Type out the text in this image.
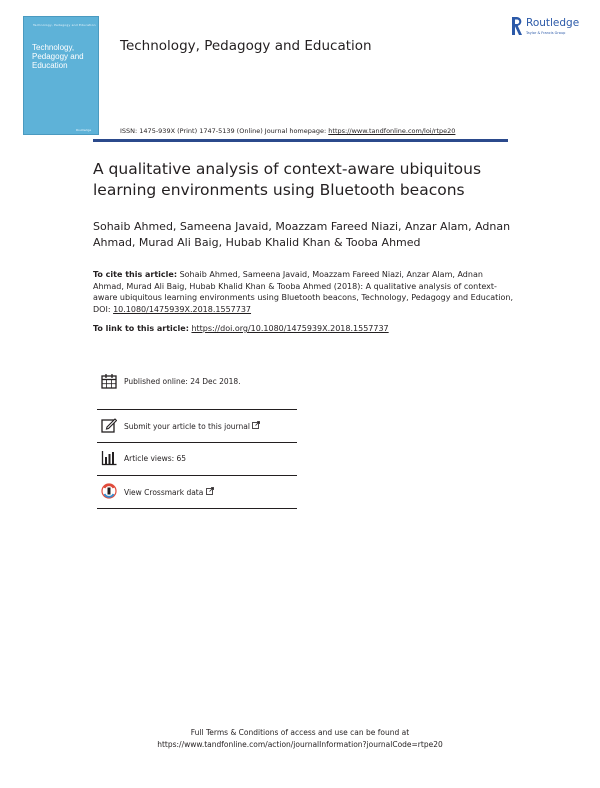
Technology, Pedagogy and Education
Technology,
Pedagogy and
Education
Routledge
Technology, Pedagogy and Education
Routledge
Taylor & Francis Group
ISSN: 1475-939X (Print) 1747-5139 (Online) Journal homepage: https://www.tandfonline.com/loi/rtpe20
A qualitative analysis of context-aware ubiquitous learning environments using Bluetooth beacons
Sohaib Ahmed, Sameena Javaid, Moazzam Fareed Niazi, Anzar Alam, Adnan Ahmad, Murad Ali Baig, Hubab Khalid Khan & Tooba Ahmed
To cite this article: Sohaib Ahmed, Sameena Javaid, Moazzam Fareed Niazi, Anzar Alam, Adnan Ahmad, Murad Ali Baig, Hubab Khalid Khan & Tooba Ahmed (2018): A qualitative analysis of context-aware ubiquitous learning environments using Bluetooth beacons, Technology, Pedagogy and Education, DOI: 10.1080/1475939X.2018.1557737
To link to this article: https://doi.org/10.1080/1475939X.2018.1557737
Published online: 24 Dec 2018.
Submit your article to this journal
Article views: 65
View Crossmark data
Full Terms & Conditions of access and use can be found at
https://www.tandfonline.com/action/journalInformation?journalCode=rtpe20
